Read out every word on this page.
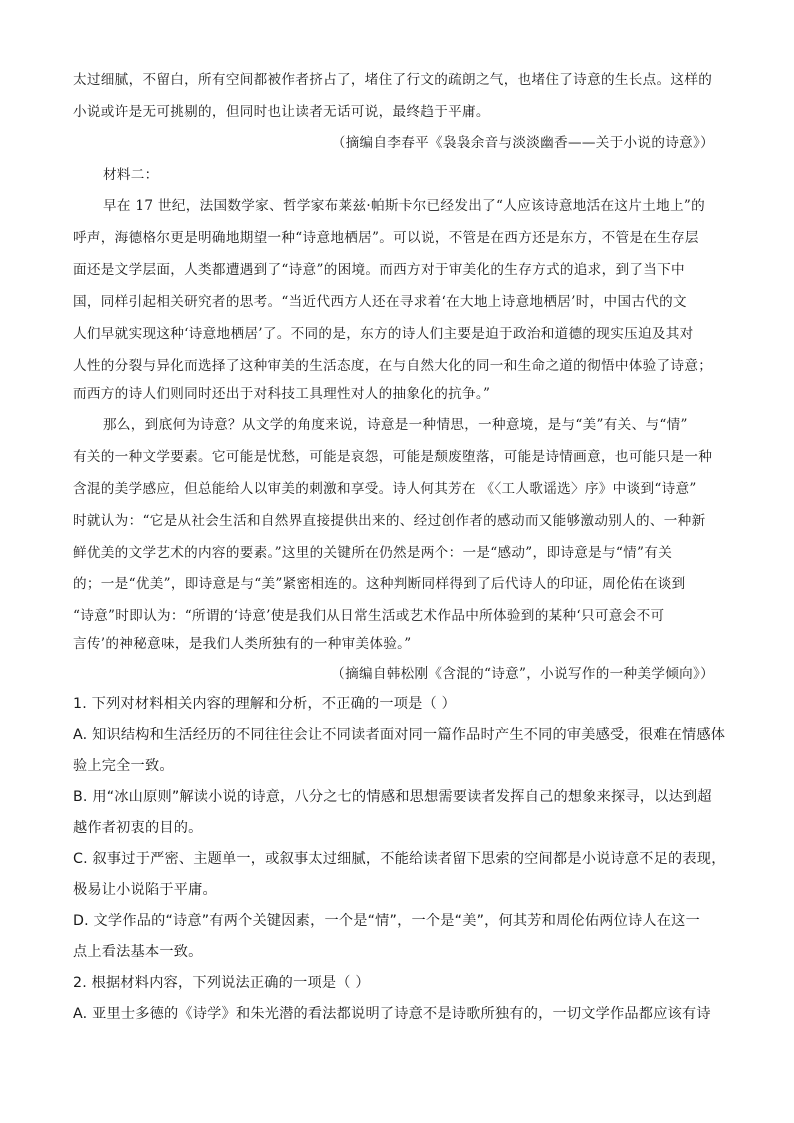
太过细腻，不留白，所有空间都被作者挤占了，堵住了行文的疏朗之气，也堵住了诗意的生长点。这样的
小说或许是无可挑剔的，但同时也让读者无话可说，最终趋于平庸。
（摘编自李春平《袅袅余音与淡淡幽香——关于小说的诗意》）
材料二：
早在 17 世纪，法国数学家、哲学家布莱兹·帕斯卡尔已经发出了“人应该诗意地活在这片土地上”的
呼声，海德格尔更是明确地期望一种“诗意地栖居”。可以说，不管是在西方还是东方，不管是在生存层
面还是文学层面，人类都遭遇到了“诗意”的困境。而西方对于审美化的生存方式的追求，到了当下中
国，同样引起相关研究者的思考。“当近代西方人还在寻求着‘在大地上诗意地栖居’时，中国古代的文
人们早就实现这种‘诗意地栖居’了。不同的是，东方的诗人们主要是迫于政治和道德的现实压迫及其对
人性的分裂与异化而选择了这种审美的生活态度，在与自然大化的同一和生命之道的彻悟中体验了诗意；
而西方的诗人们则同时还出于对科技工具理性对人的抽象化的抗争。”
那么，到底何为诗意？从文学的角度来说，诗意是一种情思，一种意境，是与“美”有关、与“情”
有关的一种文学要素。它可能是忧愁，可能是哀怨，可能是颓废堕落，可能是诗情画意，也可能只是一种
含混的美学感应，但总能给人以审美的刺激和享受。诗人何其芳在 《〈工人歌谣选〉序》中谈到“诗意”
时就认为：“它是从社会生活和自然界直接提供出来的、经过创作者的感动而又能够激动别人的、一种新
鲜优美的文学艺术的内容的要素。”这里的关键所在仍然是两个：一是“感动”，即诗意是与“情”有关
的；一是“优美”，即诗意是与“美”紧密相连的。这种判断同样得到了后代诗人的印证，周伦佑在谈到
“诗意”时即认为：“所谓的‘诗意’使是我们从日常生活或艺术作品中所体验到的某种‘只可意会不可
言传’的神秘意味，是我们人类所独有的一种审美体验。”
（摘编自韩松刚《含混的“诗意”，小说写作的一种美学倾向》）
1. 下列对材料相关内容的理解和分析，不正确的一项是（ ）
A. 知识结构和生活经历的不同往往会让不同读者面对同一篇作品时产生不同的审美感受，很难在情感体
验上完全一致。
B. 用“冰山原则”解读小说的诗意，八分之七的情感和思想需要读者发挥自己的想象来探寻，以达到超
越作者初衷的目的。
C. 叙事过于严密、主题单一，或叙事太过细腻，不能给读者留下思索的空间都是小说诗意不足的表现，
极易让小说陷于平庸。
D. 文学作品的“诗意”有两个关键因素，一个是“情”，一个是“美”，何其芳和周伦佑两位诗人在这一
点上看法基本一致。
2. 根据材料内容，下列说法正确的一项是（ ）
A. 亚里士多德的《诗学》和朱光潜的看法都说明了诗意不是诗歌所独有的，一切文学作品都应该有诗
